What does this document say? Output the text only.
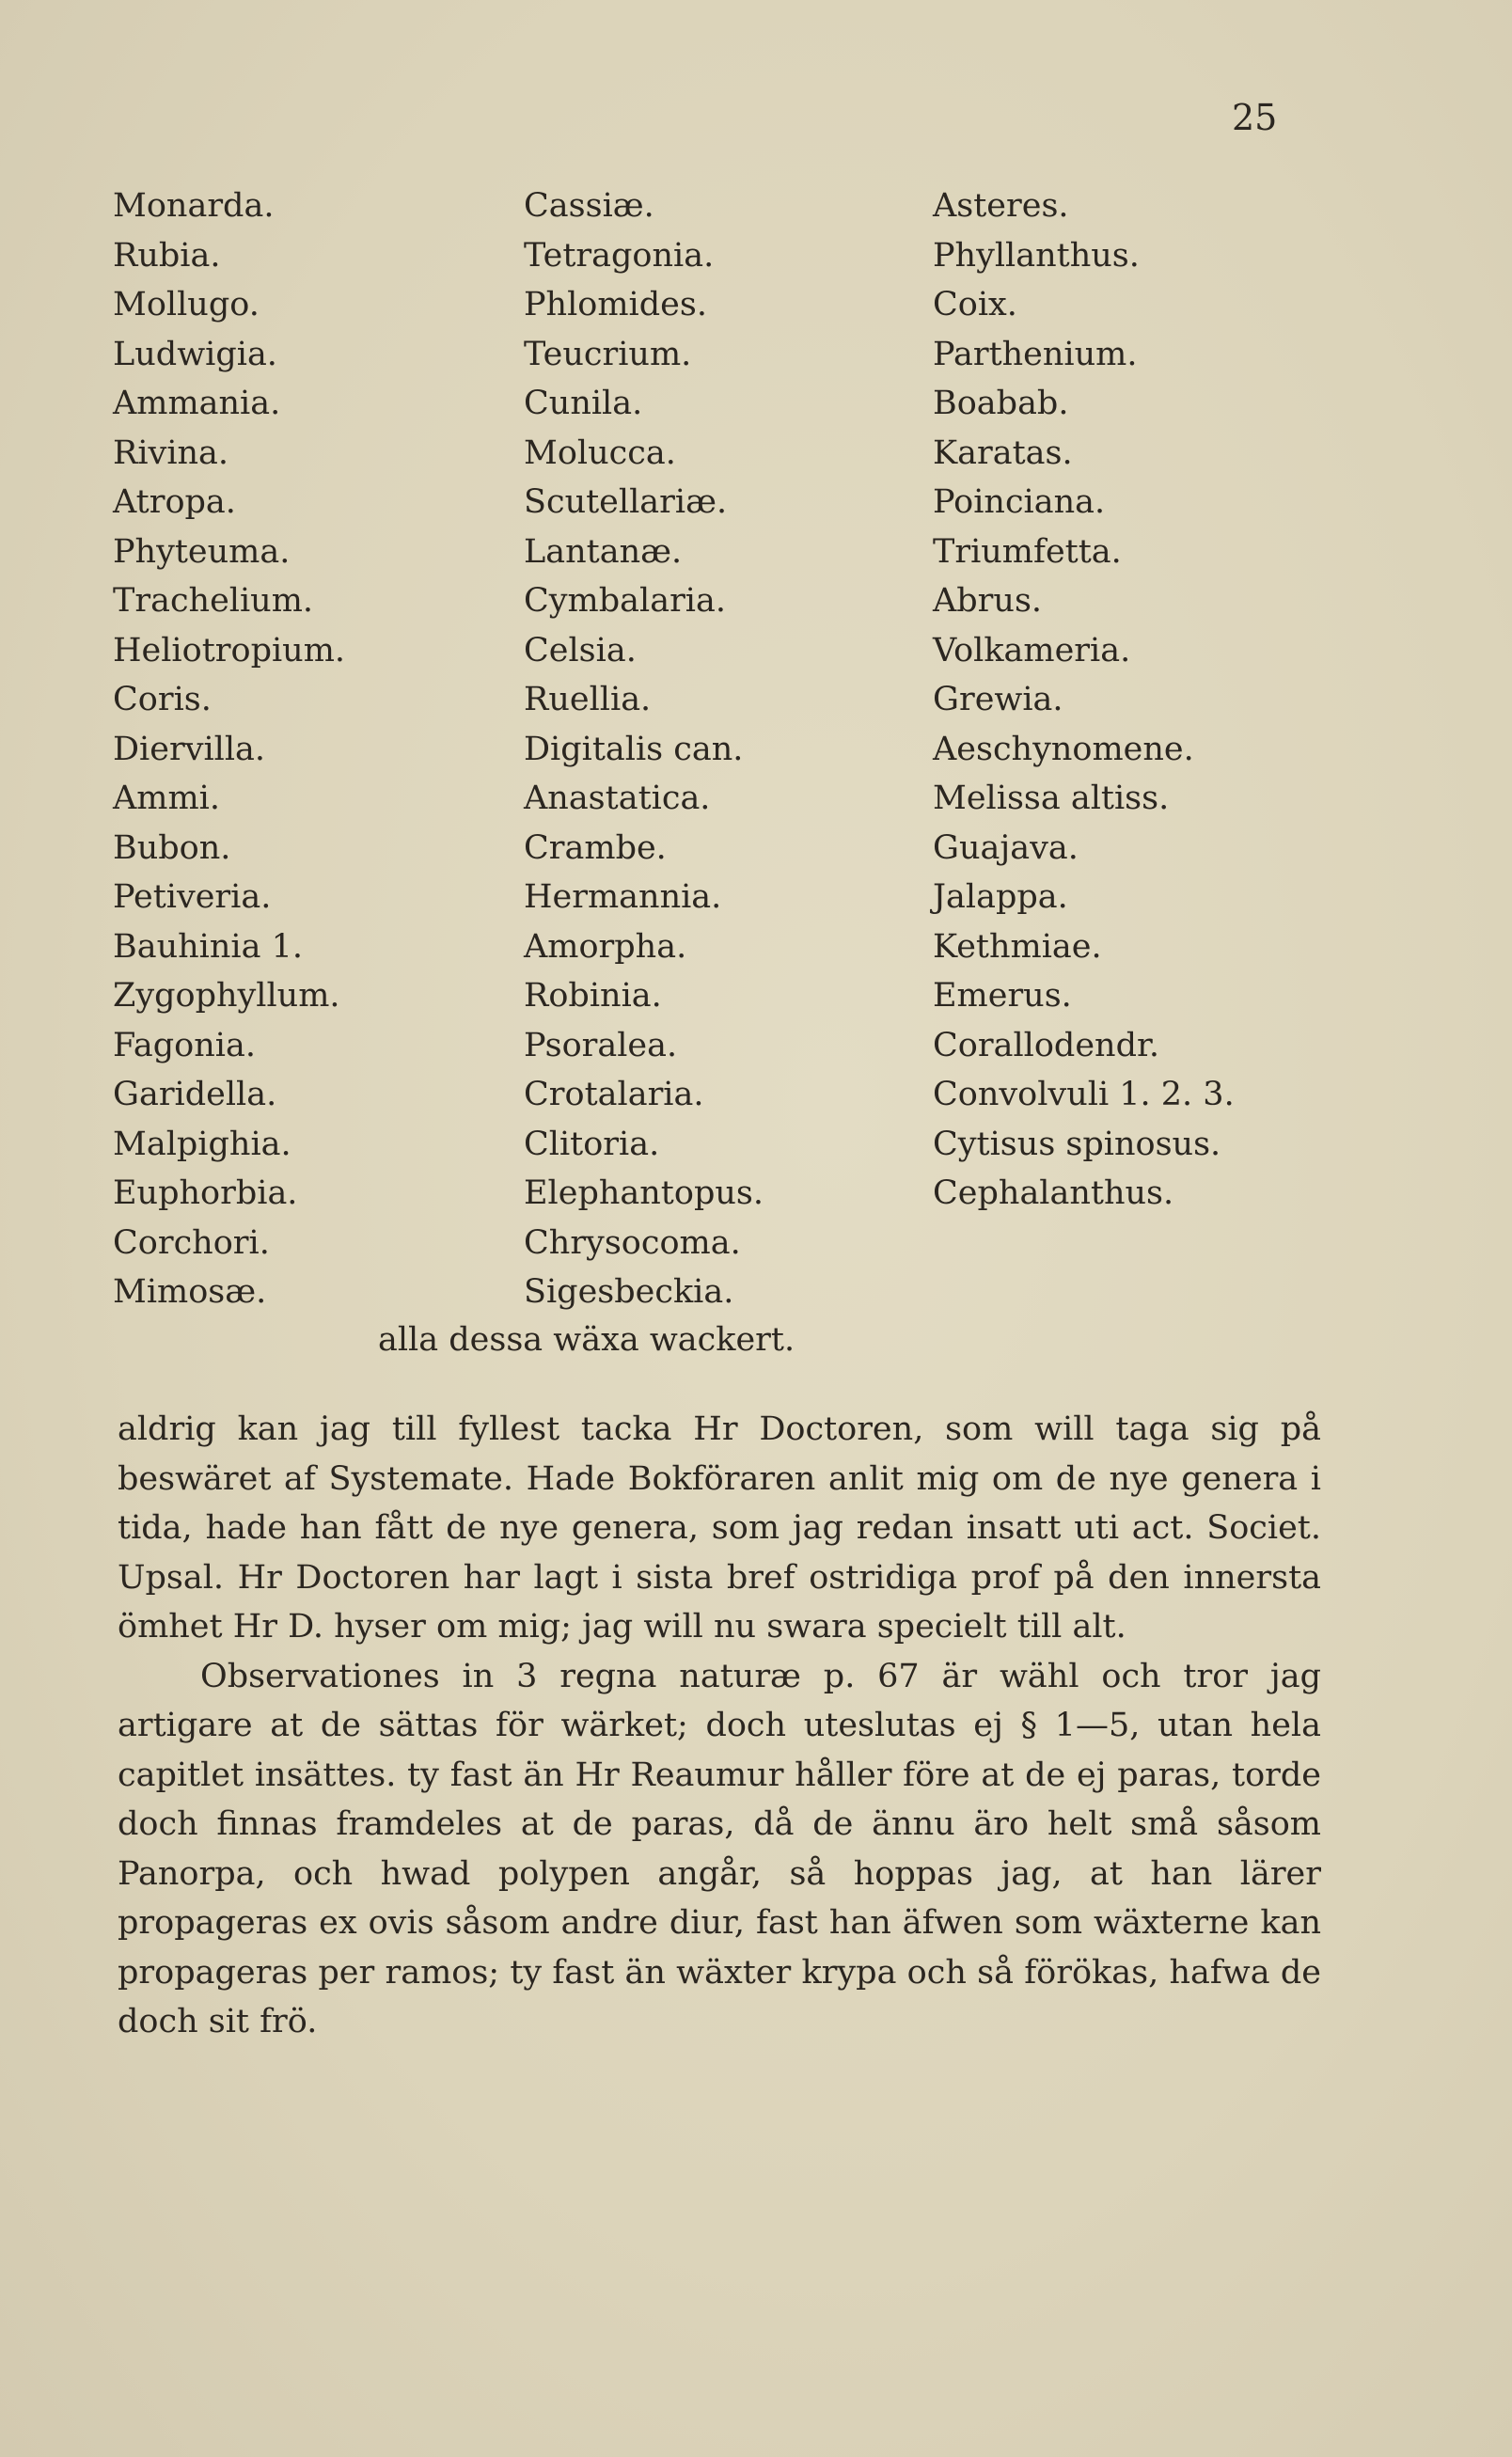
25
Monarda.
Rubia.
Mollugo.
Ludwigia.
Ammania.
Rivina.
Atropa.
Phyteuma.
Trachelium.
Heliotropium.
Coris.
Diervilla.
Ammi.
Bubon.
Petiveria.
Bauhinia 1.
Zygophyllum.
Fagonia.
Garidella.
Malpighia.
Euphorbia.
Corchori.
Mimosæ.
Cassiæ.
Tetragonia.
Phlomides.
Teucrium.
Cunila.
Molucca.
Scutellariæ.
Lantanæ.
Cymbalaria.
Celsia.
Ruellia.
Digitalis can.
Anastatica.
Crambe.
Hermannia.
Amorpha.
Robinia.
Psoralea.
Crotalaria.
Clitoria.
Elephantopus.
Chrysocoma.
Sigesbeckia.
Asteres.
Phyllanthus.
Coix.
Parthenium.
Boabab.
Karatas.
Poinciana.
Triumfetta.
Abrus.
Volkameria.
Grewia.
Aeschynomene.
Melissa altiss.
Guajava.
Jalappa.
Kethmiae.
Emerus.
Corallodendr.
Convolvuli 1. 2. 3.
Cytisus spinosus.
Cephalanthus.
alla dessa wäxa wackert.

aldrig kan jag till fyllest tacka Hr Doctoren, som will taga sig på beswäret af Systemate. Hade Bokföraren anlit mig om de nye genera i tida, hade han fått de nye genera, som jag redan insatt uti act. Societ. Upsal. Hr Doctoren har lagt i sista bref ostridiga prof på den innersta ömhet Hr D. hyser om mig; jag will nu swara specielt till alt.

Observationes in 3 regna naturæ p. 67 är wähl och tror jag artigare at de sättas för wärket; doch uteslutas ej § 1—5, utan hela capitlet insättes. ty fast än Hr Reaumur håller före at de ej paras, torde doch finnas framdeles at de paras, då de ännu äro helt små såsom Panorpa, och hwad polypen angår, så hoppas jag, at han lärer propageras ex ovis såsom andre diur, fast han äfwen som wäxterne kan propageras per ramos; ty fast än wäxter krypa och så förökas, hafwa de doch sit frö.
